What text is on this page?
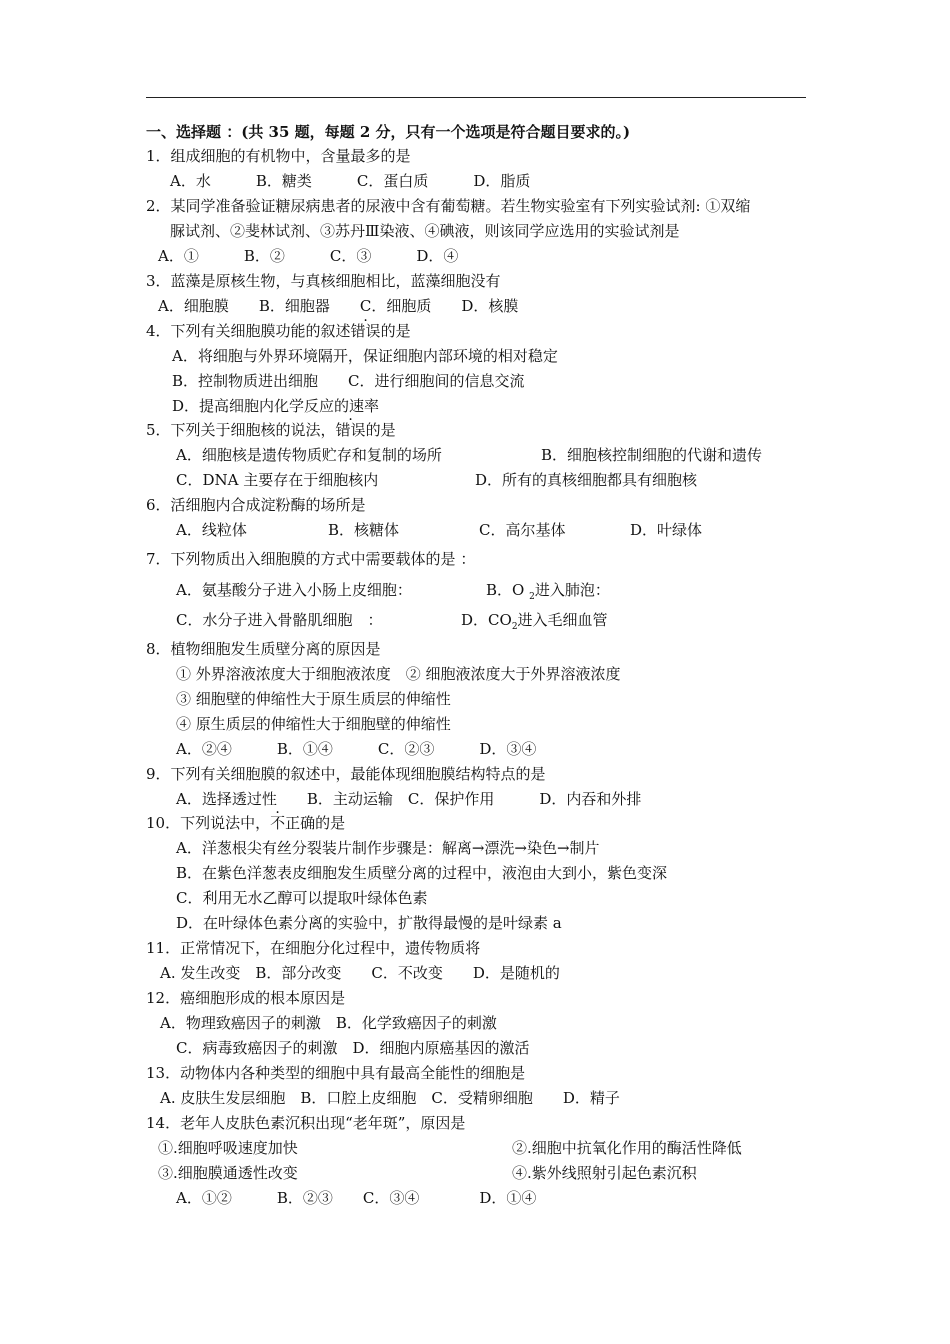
一、选择题 ：(共 35 题，每题 2 分，只有一个选项是符合题目要求的。)
1．组成细胞的有机物中，含量最多的是
A．水　　　B．糖类　　　C．蛋白质　　　D．脂质
2．某同学准备验证糖尿病患者的尿液中含有葡萄糖。若生物实验室有下列实验试剂: ①双缩
脲试剂、②斐林试剂、③苏丹Ⅲ染液、④碘液，则该同学应选用的实验试剂是
A．①　　　B．②　　　C．③　　　D．④
3．蓝藻是原核生物，与真核细胞相比，蓝藻细胞没有
A．细胞膜　　B．细胞器　　C．细胞质　　D．核膜
4．下列有关细胞膜功能的叙述错误的是
A．将细胞与外界环境隔开，保证细胞内部环境的相对稳定
B．控制物质进出细胞　　C．进行细胞间的信息交流
D．提高细胞内化学反应的速率
5．下列关于细胞核的说法，错误的是
A．细胞核是遗传物质贮存和复制的场所	B．细胞核控制细胞的代谢和遗传
C．DNA 主要存在于细胞核内	D．所有的真核细胞都具有细胞核
6．活细胞内合成淀粉酶的场所是
A．线粒体	B．核糖体	C．高尔基体	D．叶绿体
7．下列物质出入细胞膜的方式中需要载体的是 ：
A．氨基酸分子进入小肠上皮细胞：	B．O $_2$进入肺泡：
C．水分子进入骨骼肌细胞　：	D．$CO_2$进入毛细血管
8．植物细胞发生质壁分离的原因是
① 外界溶液浓度大于细胞液浓度　② 细胞液浓度大于外界溶液浓度
③ 细胞壁的伸缩性大于原生质层的伸缩性
④ 原生质层的伸缩性大于细胞壁的伸缩性
A．②④　　　B．①④　　　C．②③　　　D．③④
9．下列有关细胞膜的叙述中，最能体现细胞膜结构特点的是
A．选择透过性　　B．主动运输　C．保护作用　　　D．内吞和外排
10．下列说法中，不正确的是
A．洋葱根尖有丝分裂装片制作步骤是：解离→漂洗→染色→制片
B．在紫色洋葱表皮细胞发生质壁分离的过程中，液泡由大到小，紫色变深
C．利用无水乙醇可以提取叶绿体色素
D．在叶绿体色素分离的实验中，扩散得最慢的是叶绿素 a
11．正常情况下，在细胞分化过程中，遗传物质将
A. 发生改变　B．部分改变　　C．不改变　　D．是随机的
12．癌细胞形成的根本原因是
A．物理致癌因子的刺激　B．化学致癌因子的刺激
C．病毒致癌因子的刺激　D．细胞内原癌基因的激活
13．动物体内各种类型的细胞中具有最高全能性的细胞是
A. 皮肤生发层细胞　B．口腔上皮细胞　C．受精卵细胞　　D．精子
14．老年人皮肤色素沉积出现“老年斑”，原因是
①.细胞呼吸速度加快	②.细胞中抗氧化作用的酶活性降低
③.细胞膜通透性改变	④.紫外线照射引起色素沉积
A．①②　　　B．②③　　C．③④　　　　D．①④
